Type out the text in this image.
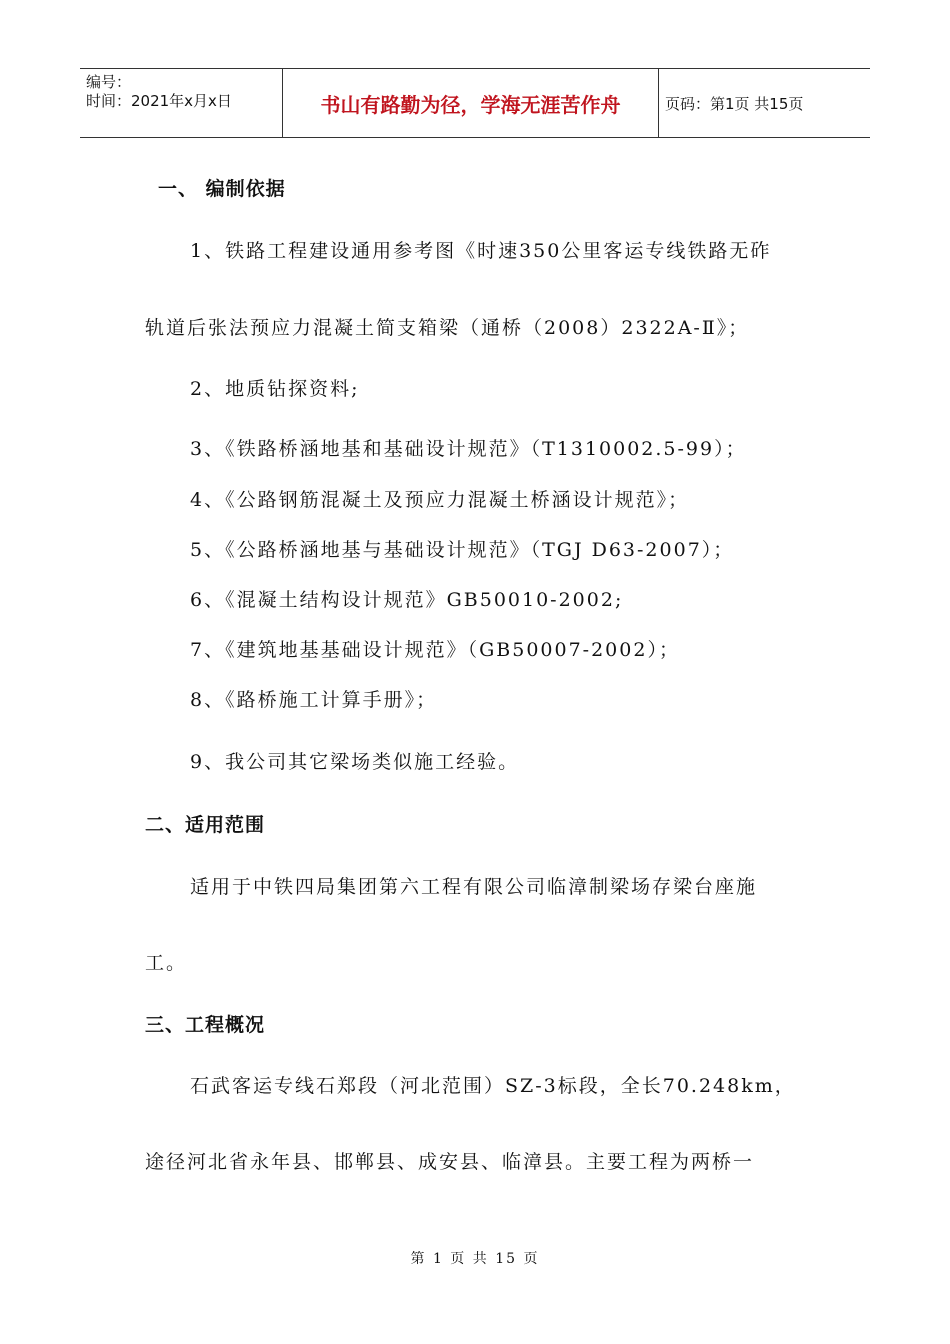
编号：
时间：2021年x月x日	书山有路勤为径，学海无涯苦作舟	页码：第1页 共15页
一、 编制依据
1、铁路工程建设通用参考图《时速350公里客运专线铁路无砟
轨道后张法预应力混凝土简支箱梁（通桥（2008）2322A-Ⅱ》；
2、地质钻探资料;
3、《铁路桥涵地基和基础设计规范》（T1310002.5-99）；
4、《公路钢筋混凝土及预应力混凝土桥涵设计规范》；
5、《公路桥涵地基与基础设计规范》（TGJ D63-2007）；
6、《混凝土结构设计规范》GB50010-2002;
7、《建筑地基基础设计规范》（GB50007-2002）；
8、《路桥施工计算手册》；
9、我公司其它梁场类似施工经验。
二、适用范围
适用于中铁四局集团第六工程有限公司临漳制梁场存梁台座施
工。
三、工程概况
石武客运专线石郑段（河北范围）SZ-3标段，全长70.248km，
途径河北省永年县、邯郸县、成安县、临漳县。主要工程为两桥一
第 1 页 共 15 页
